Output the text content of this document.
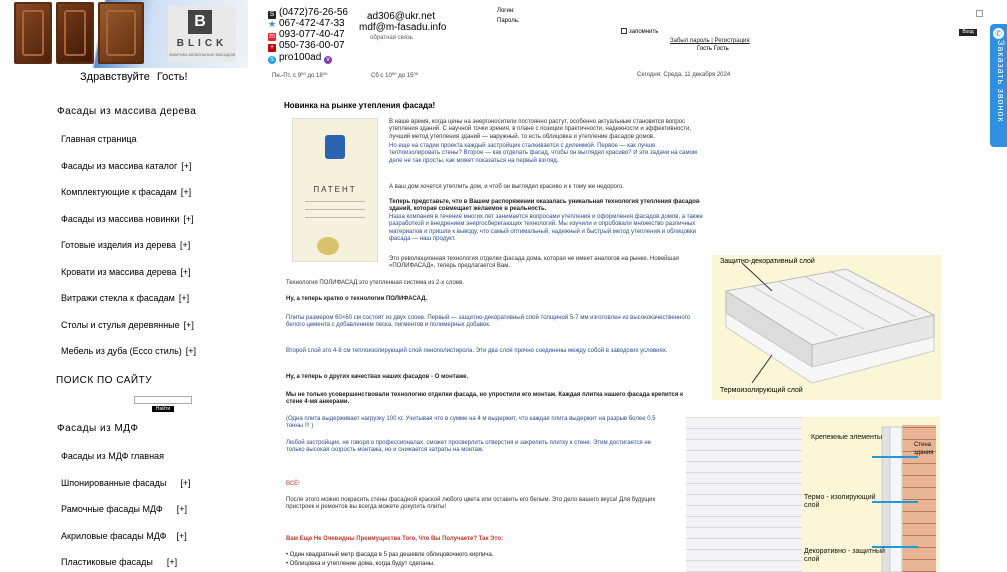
B
BLICK
ФАБРИКА МЕБЕЛЬНЫХ ФАСАДОВ
Здравствуйте Гость!
S (0472)76-26-56
★ 067-472-47-33
m 093-077-40-47
+ 050-736-00-07
s pro100ad v
Пн.-Пт. с 9⁰⁰ до 18⁰⁰	Сб с 10⁰⁰ до 15⁰⁰
ad306@ukr.net
mdf@m-fasadu.info
обратная связь
Логин:
Пароль:
запомнить
Забыл пароль | Регистрация
Гость Гость
Сегодня: Среда, 11 декабря 2024
Вход	✆
Заказать звонок
Фасады из массива дерева
Главная страница
Фасады из массива каталог [+]
Комплектующие к фасадам [+]
Фасады из массива новинки [+]
Готовые изделия из дерева [+]
Кровати из массива дерева [+]
Витражи стекла к фасадам [+]
Столы и стулья деревянные [+]
Мебель из дуба (Ecco стиль) [+]
ПОИСК ПО САЙТУ
Найти
Фасады из МДФ
Фасады из МДФ главная
Шпонированные фасады [+]
Рамочные фасады МДФ [+]
Акриловые фасады МДФ [+]
Пластиковые фасады [+]
Новинка на рынке утепления фасада!
ПАТЕНТ
В наше время, когда цены на энергоносители постоянно растут, особенно актуальным становится вопрос утепления зданий. С научной точки зрения, в плане с позиции практичности, надежности и эффективности, лучший метод утепления зданий — наружный, то есть облицовка и утепление фасадов домов.
Но еще на стадии проекта каждый застройщик сталкивается с дилеммой. Первое — как лучше теплоизолировать стены? Второе — как отделать фасад, чтобы он выглядел красиво? И эти задачи на самом деле не так просты, как может показаться на первый взгляд.
А ваш дом хочется утеплить дом, и чтоб он выглядел красиво и к тому же недорого.
Теперь представьте, что в Вашем распоряжении оказалась уникальная технология утепления фасадов зданий, которая совмещает желаемое в реальность.
Наша компания в течение многих лет занимается вопросами утепления и оформления фасадов домов, а также разработкой и внедрением энергосберегающих технологий. Мы изучили и опробовали множество различных материалов и пришли к выводу, что самый оптимальный, надежный и быстрый метод утепления и облицовки фасада — наш продукт.
Это революционная технология отделки фасада дома, которая не имеет аналогов на рынке. Новейшая «ПОЛИФАСАД», теперь предлагается Вам.
Технология ПОЛИФАСАД это утепленная система из 2-х слоев.
Ну, а теперь кратко о технологии ПОЛИФАСАД.
Плиты размером 60×60 см состоят из двух слоев. Первый — защитно-декоративный слой толщиной 5-7 мм изготовлен из высококачественного белого цемента с добавлением песка, пигментов и полимерных добавок.
Второй слой это 4-8 см теплоизолирующий слой пенополистирола. Эти два слоя прочно соединены между собой в заводских условиях.
Ну, а теперь о других качествах наших фасадов - О монтаже.
Мы не только усовершенствовали технологию отделки фасада, но упростили его монтаж. Каждая плитка нашего фасада крепится к стене 4-мя анкерами.
(Одна плита выдерживает нагрузку 100 кг. Учитывая что в сумме на 4 м выдержит, что каждая плита выдержит на разрыв более 0,5 тонны !!! )
Любой застройщик, не говоря о профессионалах, сможет просверлить отверстия и закрепить плитку к стене. Этим достигается не только высокая скорость монтажа, но и снижается затраты на монтаж.
ВСЁ!
После этого можно покрасить стены фасадной краской любого цвета или оставить его белым. Это дело вашего вкуса! Для будущих пристроек и ремонтов вы всегда можете докупить плиты!
Вам Еще Не Очевидны Преимущества Того, Что Вы Получаете? Так Это:
• Один квадратный метр фасада в 5 раз дешевле облицовочного кирпича.
• Облицовка и утепление дома, когда будут сделаны.
Защитно-декоративный слой
Термоизолирующий слой
Крепежные элементы
Стена здания
Термо - изолирующий слой
Декоративно - защитный слой
